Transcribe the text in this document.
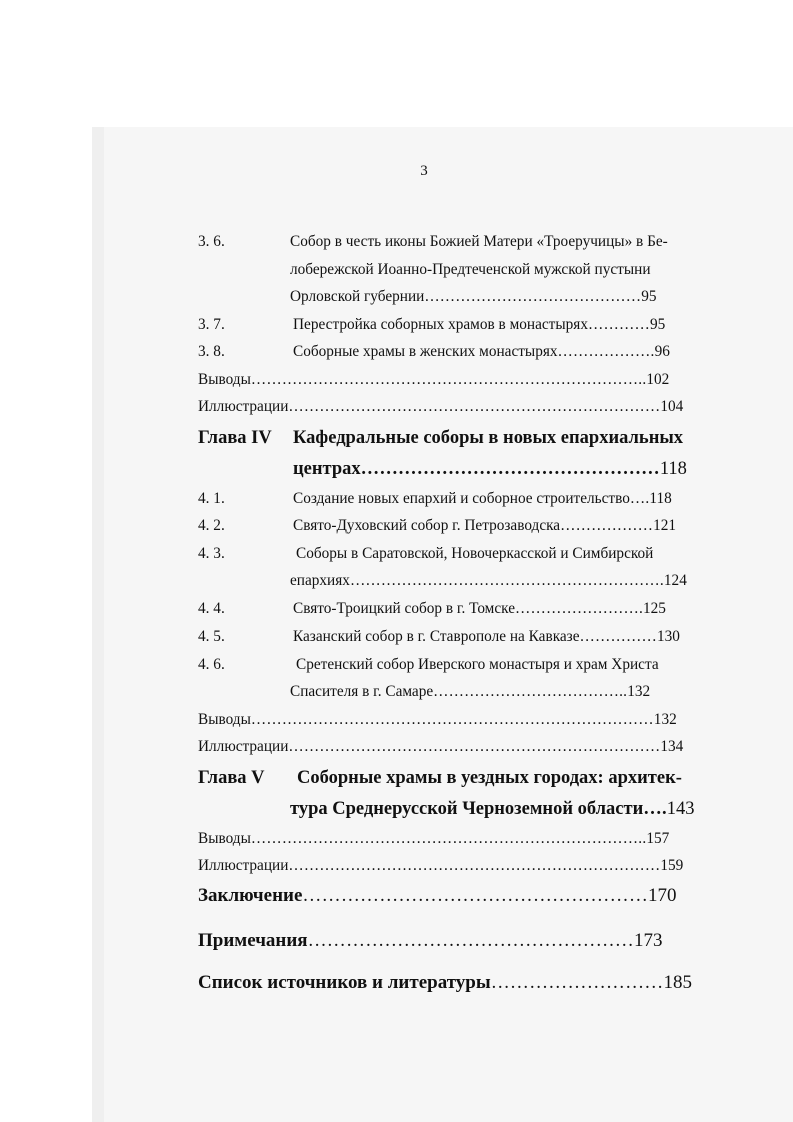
3
3. 6.	Собор в честь иконы Божией Матери «Троеручицы» в Бе-
лобережской Иоанно-Предтеченской мужской пустыни
Орловской губернии……………………………………95
3. 7.	Перестройка соборных храмов в монастырях…………95
3. 8.	Соборные храмы в женских монастырях……………….96
Выводы…………………………………………………………………..102
Иллюстрации………………………………………………………………104
Глава IV Кафедральные соборы в новых епархиальных
центрах…………………………………………118
4. 1.	Создание новых епархий и соборное строительство….118
4. 2.	Свято-Духовский собор г. Петрозаводска………………121
4. 3.	Соборы в Саратовской, Новочеркасской и Симбирской
епархиях…………………………………………………….124
4. 4.	Свято-Троицкий собор в г. Томске…………………….125
4. 5.	Казанский собор в г. Ставрополе на Кавказе……………130
4. 6.	Сретенский собор Иверского монастыря и храм Христа
Спасителя в г. Самаре………………………………..132
Выводы……………………………………………………………………132
Иллюстрации………………………………………………………………134
Глава V Соборные храмы в уездных городах: архитек-
тура Среднерусской Черноземной области….143
Выводы…………………………………………………………………..157
Иллюстрации………………………………………………………………159
Заключение………………………………………………170
Примечания……………………………………………173
Список источников и литературы………………………185
